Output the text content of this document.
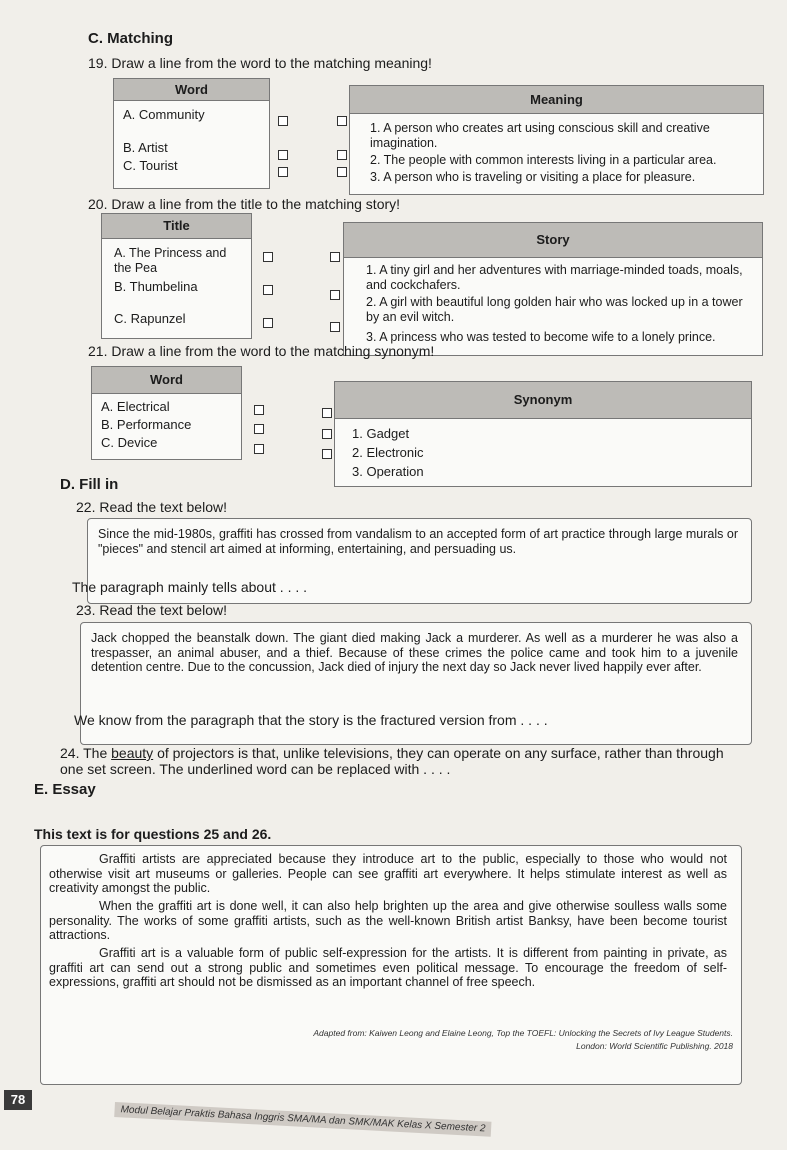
C. Matching
19. Draw a line from the word to the matching meaning!
Word
A. Community
B. Artist
C. Tourist
Meaning
1. A person who creates art using conscious skill and creative imagination.
2. The people with common interests living in a particular area.
3. A person who is traveling or visiting a place for pleasure.
20. Draw a line from the title to the matching story!
Title
A. The Princess and the Pea
B. Thumbelina
C. Rapunzel
Story
1. A tiny girl and her adventures with marriage-minded toads, moals, and cockchafers.
2. A girl with beautiful long golden hair who was locked up in a tower by an evil witch.
3. A princess who was tested to become wife to a lonely prince.
21. Draw a line from the word to the matching synonym!
Word
A. Electrical
B. Performance
C. Device
Synonym
1. Gadget
2. Electronic
3. Operation
D. Fill in
22. Read the text below!
Since the mid-1980s, graffiti has crossed from vandalism to an accepted form of art practice through large murals or "pieces" and stencil art aimed at informing, entertaining, and persuading us.
The paragraph mainly tells about . . . .
23. Read the text below!
Jack chopped the beanstalk down. The giant died making Jack a murderer. As well as a murderer he was also a trespasser, an animal abuser, and a thief. Because of these crimes the police came and took him to a juvenile detention centre. Due to the concussion, Jack died of injury the next day so Jack never lived happily ever after.
We know from the paragraph that the story is the fractured version from . . . .
24. The beauty of projectors is that, unlike televisions, they can operate on any surface, rather than through one set screen. The underlined word can be replaced with . . . .
E. Essay
This text is for questions 25 and 26.
Graffiti artists are appreciated because they introduce art to the public, especially to those who would not otherwise visit art museums or galleries. People can see graffiti art everywhere. It helps stimulate interest as well as creativity amongst the public.
When the graffiti art is done well, it can also help brighten up the area and give otherwise soulless walls some personality. The works of some graffiti artists, such as the well-known British artist Banksy, have been become tourist attractions.
Graffiti art is a valuable form of public self-expression for the artists. It is different from painting in private, as graffiti art can send out a strong public and sometimes even political message. To encourage the freedom of self-expressions, graffiti art should not be dismissed as an important channel of free speech.
Adapted from: Kaiwen Leong and Elaine Leong, Top the TOEFL: Unlocking the Secrets of Ivy League Students.
London: World Scientific Publishing. 2018
78
Modul Belajar Praktis Bahasa Inggris SMA/MA dan SMK/MAK Kelas X Semester 2
